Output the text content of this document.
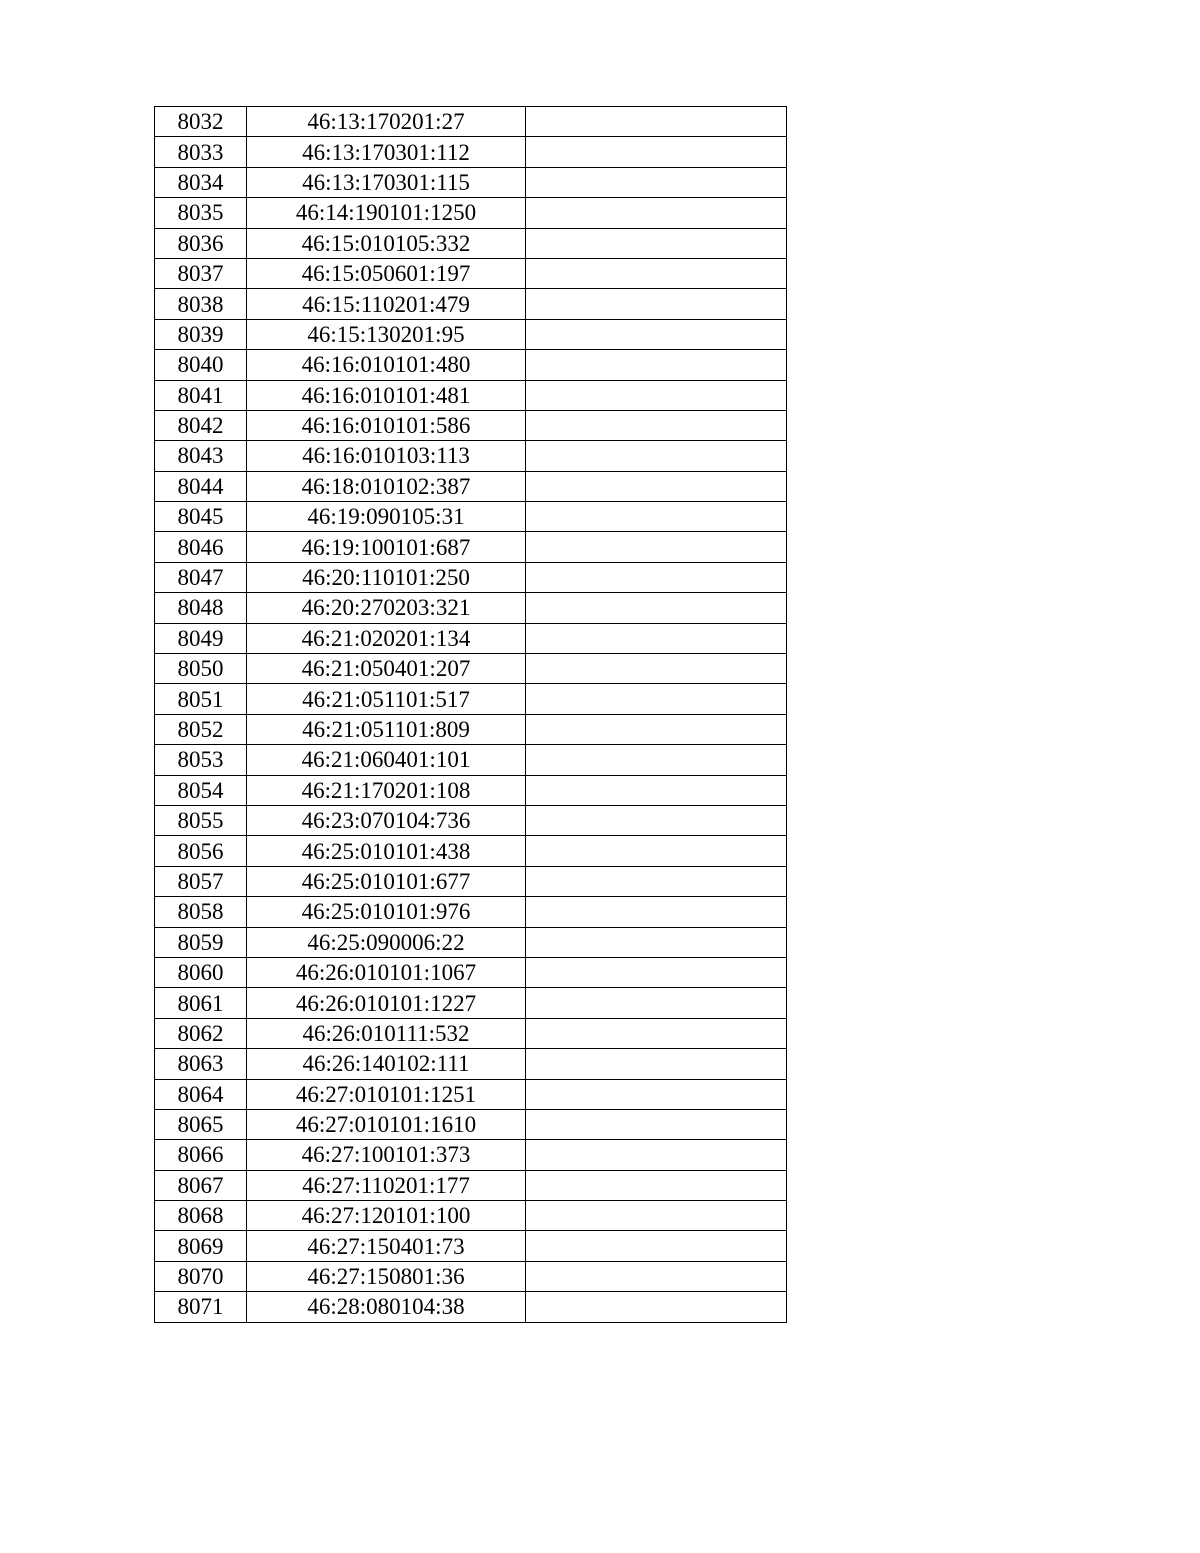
8032	46:13:170201:27	
8033	46:13:170301:112	
8034	46:13:170301:115	
8035	46:14:190101:1250	
8036	46:15:010105:332	
8037	46:15:050601:197	
8038	46:15:110201:479	
8039	46:15:130201:95	
8040	46:16:010101:480	
8041	46:16:010101:481	
8042	46:16:010101:586	
8043	46:16:010103:113	
8044	46:18:010102:387	
8045	46:19:090105:31	
8046	46:19:100101:687	
8047	46:20:110101:250	
8048	46:20:270203:321	
8049	46:21:020201:134	
8050	46:21:050401:207	
8051	46:21:051101:517	
8052	46:21:051101:809	
8053	46:21:060401:101	
8054	46:21:170201:108	
8055	46:23:070104:736	
8056	46:25:010101:438	
8057	46:25:010101:677	
8058	46:25:010101:976	
8059	46:25:090006:22	
8060	46:26:010101:1067	
8061	46:26:010101:1227	
8062	46:26:010111:532	
8063	46:26:140102:111	
8064	46:27:010101:1251	
8065	46:27:010101:1610	
8066	46:27:100101:373	
8067	46:27:110201:177	
8068	46:27:120101:100	
8069	46:27:150401:73	
8070	46:27:150801:36	
8071	46:28:080104:38	
